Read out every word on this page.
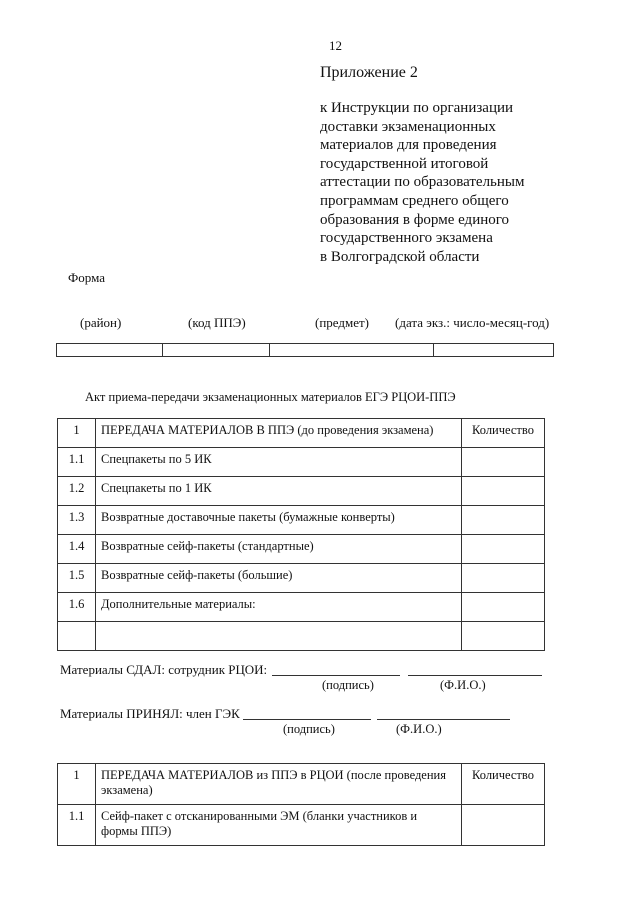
12
Приложение 2
к Инструкции по организации
доставки экзаменационных
материалов для проведения
государственной итоговой
аттестации по образовательным
программам среднего общего
образования в форме единого
государственного экзамена
в Волгоградской области
Форма
(район)	(код ППЭ)	(предмет) (дата экз.: число-месяц-год)
Акт приема-передачи экзаменационных материалов ЕГЭ РЦОИ-ППЭ
1	ПЕРЕДАЧА МАТЕРИАЛОВ В ППЭ (до проведения экзамена)	Количество
1.1	Спецпакеты по 5 ИК	
1.2	Спецпакеты по 1 ИК	
1.3	Возвратные доставочные пакеты (бумажные конверты)	
1.4	Возвратные сейф-пакеты (стандартные)	
1.5	Возвратные сейф-пакеты (большие)	
1.6	Дополнительные материалы:	

Материалы СДАЛ: сотрудник РЦОИ:
(подпись)	(Ф.И.О.)
Материалы ПРИНЯЛ: член ГЭК
(подпись)	(Ф.И.О.)
1	ПЕРЕДАЧА МАТЕРИАЛОВ из ППЭ в РЦОИ (после проведения экзамена)	Количество
1.1	Сейф-пакет с отсканированными ЭМ (бланки участников и формы ППЭ)	
